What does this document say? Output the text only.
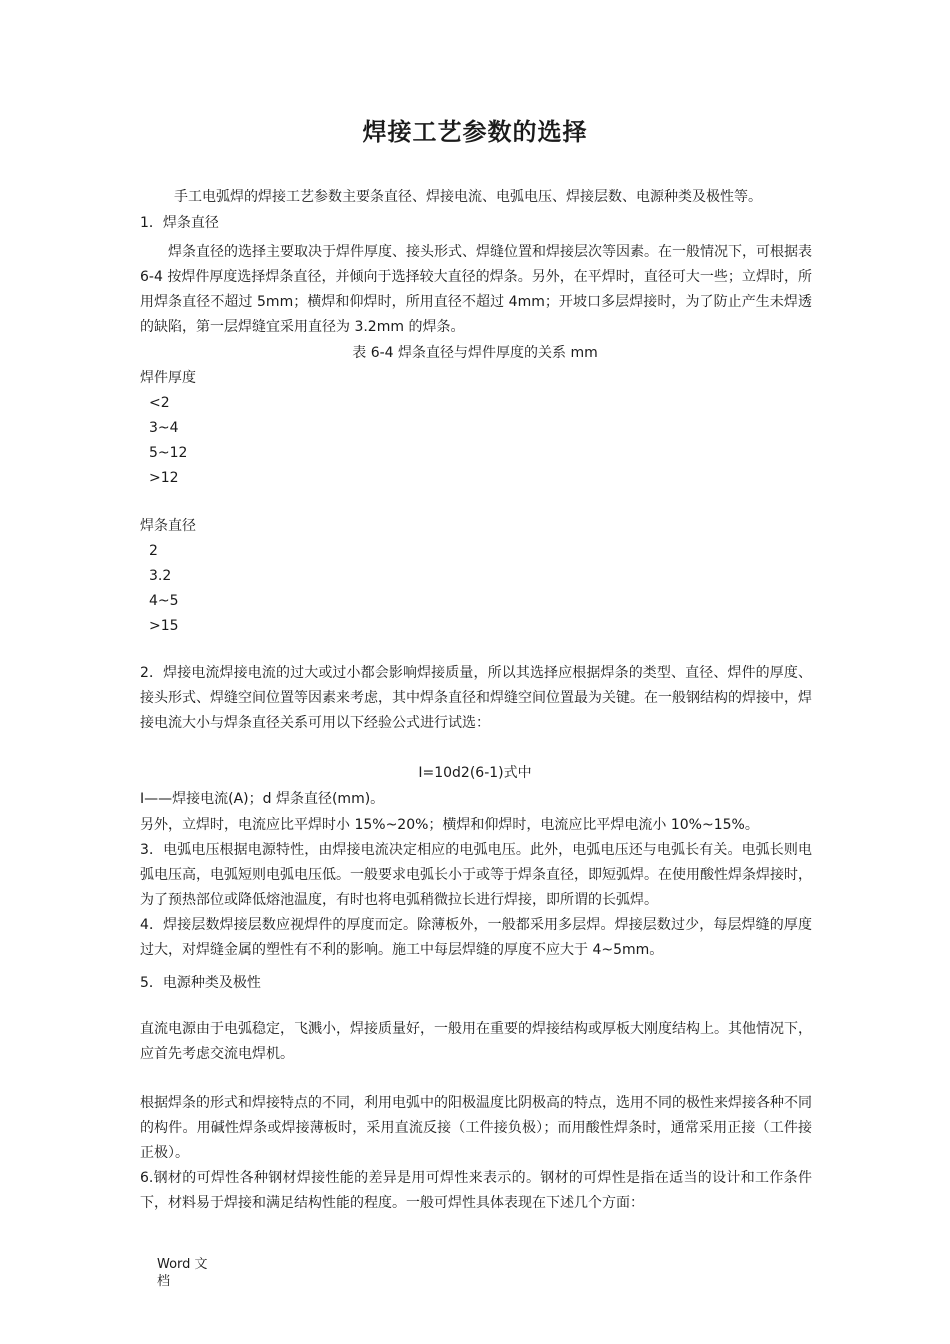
焊接工艺参数的选择
手工电弧焊的焊接工艺参数主要条直径、焊接电流、电弧电压、焊接层数、电源种类及极性等。
1．焊条直径
焊条直径的选择主要取决于焊件厚度、接头形式、焊缝位置和焊接层次等因素。在一般情况下，可根据表 6-4 按焊件厚度选择焊条直径，并倾向于选择较大直径的焊条。另外，在平焊时，直径可大一些；立焊时，所用焊条直径不超过 5mm；横焊和仰焊时，所用直径不超过 4mm；开坡口多层焊接时，为了防止产生未焊透的缺陷，第一层焊缝宜采用直径为 3.2mm 的焊条。
表 6-4 焊条直径与焊件厚度的关系 mm
焊件厚度
<2
3~4
5~12
>12
焊条直径
2
3.2
4~5
>15
2．焊接电流焊接电流的过大或过小都会影响焊接质量，所以其选择应根据焊条的类型、直径、焊件的厚度、接头形式、焊缝空间位置等因素来考虑，其中焊条直径和焊缝空间位置最为关键。在一般钢结构的焊接中，焊接电流大小与焊条直径关系可用以下经验公式进行试选：
I=10d2(6-1)式中
I——焊接电流(A)；d 焊条直径(mm)。
另外，立焊时，电流应比平焊时小 15%~20%；横焊和仰焊时，电流应比平焊电流小 10%~15%。
3．电弧电压根据电源特性，由焊接电流决定相应的电弧电压。此外，电弧电压还与电弧长有关。电弧长则电弧电压高，电弧短则电弧电压低。一般要求电弧长小于或等于焊条直径，即短弧焊。在使用酸性焊条焊接时，为了预热部位或降低熔池温度，有时也将电弧稍微拉长进行焊接，即所谓的长弧焊。
4．焊接层数焊接层数应视焊件的厚度而定。除薄板外，一般都采用多层焊。焊接层数过少，每层焊缝的厚度过大，对焊缝金属的塑性有不利的影响。施工中每层焊缝的厚度不应大于 4~5mm。
5．电源种类及极性
直流电源由于电弧稳定，飞溅小，焊接质量好，一般用在重要的焊接结构或厚板大刚度结构上。其他情况下，应首先考虑交流电焊机。
根据焊条的形式和焊接特点的不同，利用电弧中的阳极温度比阴极高的特点，选用不同的极性来焊接各种不同的构件。用碱性焊条或焊接薄板时，采用直流反接（工件接负极）；而用酸性焊条时，通常采用正接（工件接正极）。
6.钢材的可焊性各种钢材焊接性能的差异是用可焊性来表示的。钢材的可焊性是指在适当的设计和工作条件下，材料易于焊接和满足结构性能的程度。一般可焊性具体表现在下述几个方面：
Word 文档
